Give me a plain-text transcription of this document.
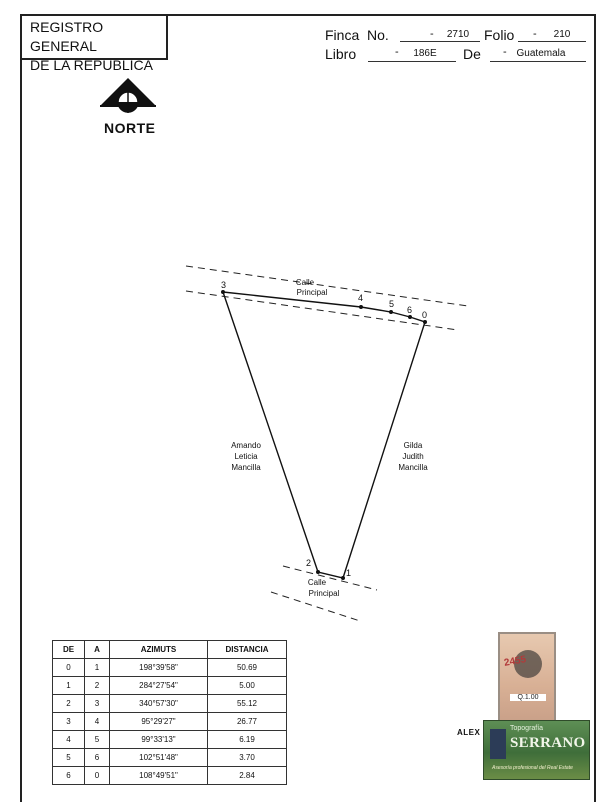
REGISTRO GENERAL
DE LA REPUBLICA
Finca No.	-	2710	Folio -	210
Libro	-	186E	De - Guatemala
3
4
5
6 0
1
2
Calle
Principal
Calle
Principal
Amando
Leticia
Mancilla
Gilda
Judith
Mancilla
NORTE
DE	A	AZIMUTS	DISTANCIA
0	1	198°39'58"	50.69
1	2	284°27'54"	5.00
2	3	340°57'30"	55.12
3	4	95°29'27"	26.77
4	5	99°33'13"	6.19
5	6	102°51'48"	3.70
6	0	108°49'51"	2.84
2455
Q.1.00
ALEX	Topografía
SERRANO
Asesoría profesional del Real Estate
